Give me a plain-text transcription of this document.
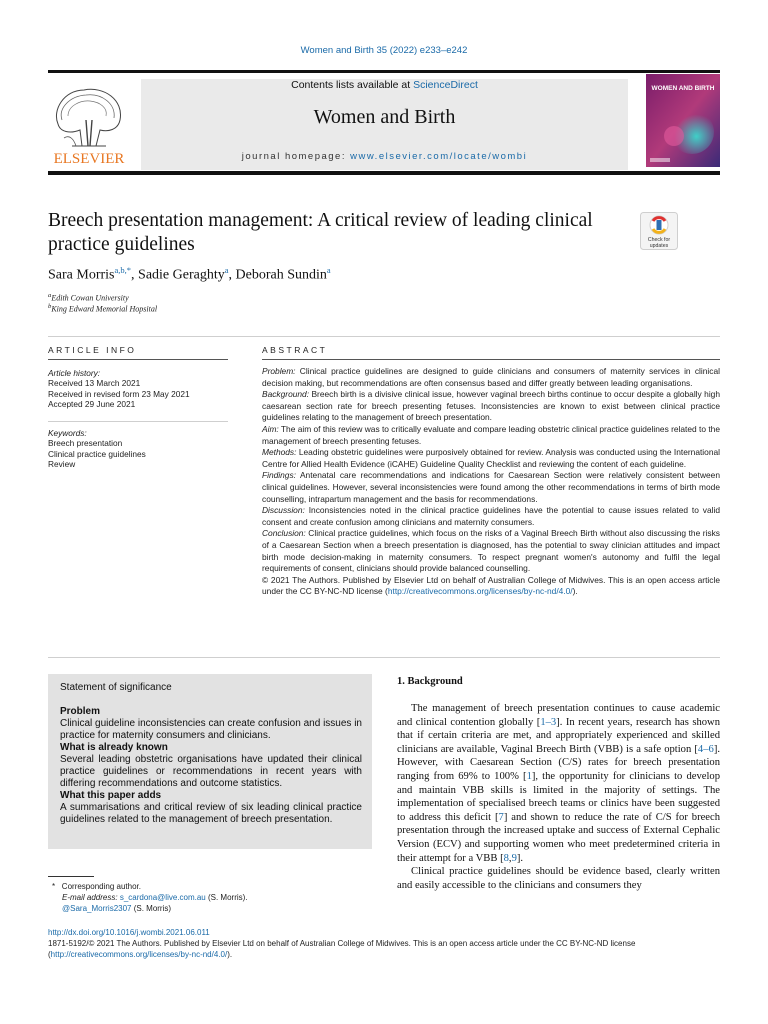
Women and Birth 35 (2022) e233–e242
ELSEVIER
Contents lists available at ScienceDirect
Women and Birth
journal homepage: www.elsevier.com/locate/wombi
WOMEN AND BIRTH
Breech presentation management: A critical review of leading clinical practice guidelines	Check for
updates
Sara Morris$^{a,b,*}$, Sadie Geraghty$^a$, Deborah Sundin$^a$
$^a$Edith Cowan University
$^b$King Edward Memorial Hopsital
ARTICLE INFO	ABSTRACT
Article history:
Received 13 March 2021
Received in revised form 23 May 2021
Accepted 29 June 2021
Keywords:
Breech presentation
Clinical practice guidelines
Review

Problem: Clinical practice guidelines are designed to guide clinicians and consumers of maternity services in clinical decision making, but recommendations are often consensus based and differ greatly between leading organisations.

Background: Breech birth is a divisive clinical issue, however vaginal breech births continue to occur despite a globally high caesarean section rate for breech presenting fetuses. Inconsistencies are known to exist between clinical practice guidelines relating to the management of breech presentation.

Aim: The aim of this review was to critically evaluate and compare leading obstetric clinical practice guidelines related to the management of breech presenting fetuses.

Methods: Leading obstetric guidelines were purposively obtained for review. Analysis was conducted using the International Centre for Allied Health Evidence (iCAHE) Guideline Quality Checklist and reviewing the content of each guideline.

Findings: Antenatal care recommendations and indications for Caesarean Section were relatively consistent between clinical guidelines. However, several inconsistencies were found among the other recommendations in terms of birth mode counselling, intrapartum management and the basis for recommendations.

Discussion: Inconsistencies noted in the clinical practice guidelines have the potential to cause issues related to valid consent and create confusion among clinicians and maternity consumers.

Conclusion: Clinical practice guidelines, which focus on the risks of a Vaginal Breech Birth without also discussing the risks of a Caesarean Section when a breech presentation is diagnosed, has the potential to sway clinician attitudes and impact birth mode decision-making in maternity consumers. To respect pregnant women's autonomy and fulfil the legal requirements of consent, clinicians should provide balanced counselling.

© 2021 The Authors. Published by Elsevier Ltd on behalf of Australian College of Midwives. This is an open access article under the CC BY-NC-ND license (http://creativecommons.org/licenses/by-nc-nd/4.0/).

Statement of significance

Problem

Clinical guideline inconsistencies can create confusion and issues in practice for maternity consumers and clinicians.

What is already known

Several leading obstetric organisations have updated their clinical practice guidelines or recommendations in recent years with differing recommendations and outcome statistics.

What this paper adds

A summarisations and critical review of six leading clinical practice guidelines related to the management of breech presentation.

* Corresponding author.
E-mail address: s_cardona@live.com.au (S. Morris).
@Sara_Morris2307 (S. Morris)
1. Background

The management of breech presentation continues to cause academic and clinical contention globally [1–3]. In recent years, research has shown that if certain criteria are met, and appropriately experienced and skilled clinicians are available, Vaginal Breech Birth (VBB) is a safe option [4–6]. However, with Caesarean Section (C/S) rates for breech presentation ranging from 69% to 100% [1], the opportunity for clinicians to develop and maintain VBB skills is limited in the majority of settings. The implementation of specialised breech teams or clinics have been suggested to address this deficit [7] and shown to reduce the rate of C/S for breech presentation through the increased uptake and success of External Cephalic Version (ECV) and supporting women who meet predetermined criteria in their attempt for a VBB [8,9].

Clinical practice guidelines should be evidence based, clearly written and easily accessible to the clinicians and consumers they

http://dx.doi.org/10.1016/j.wombi.2021.06.011
1871-5192/© 2021 The Authors. Published by Elsevier Ltd on behalf of Australian College of Midwives. This is an open access article under the CC BY-NC-ND license (http://creativecommons.org/licenses/by-nc-nd/4.0/).
